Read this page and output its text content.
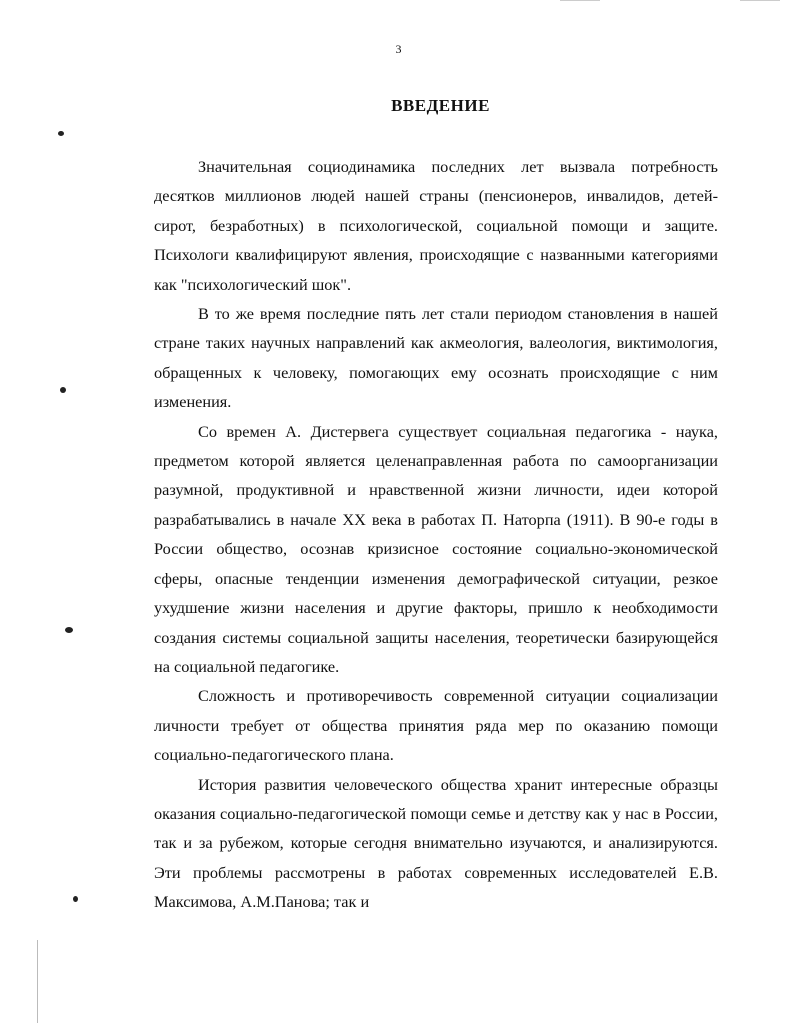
3
ВВЕДЕНИЕ

Значительная социодинамика последних лет вызвала потребность десятков миллионов людей нашей страны (пенсионеров, инвалидов, детей-сирот, безработных) в психологической, социальной помощи и защите. Психологи квалифицируют явления, происходящие с названными категориями как "психологический шок".

В то же время последние пять лет стали периодом становления в нашей стране таких научных направлений как акмеология, валеология, виктимология, обращенных к человеку, помогающих ему осознать происходящие с ним изменения.

Со времен А. Дистервега существует социальная педагогика - наука, предметом которой является целенаправленная работа по самоорганизации разумной, продуктивной и нравственной жизни личности, идеи которой разрабатывались в начале XX века в работах П. Наторпа (1911). В 90-е годы в России общество, осознав кризисное состояние социально-экономической сферы, опасные тенденции изменения демографической ситуации, резкое ухудшение жизни населения и другие факторы, пришло к необходимости создания системы социальной защиты населения, теоретически базирующейся на социальной педагогике.

Сложность и противоречивость современной ситуации социализации личности требует от общества принятия ряда мер по оказанию помощи социально-педагогического плана.

История развития человеческого общества хранит интересные образцы оказания социально-педагогической помощи семье и детству как у нас в России, так и за рубежом, которые сегодня внимательно изучаются, и анализируются. Эти проблемы рассмотрены в работах современных исследователей Е.В. Максимова, А.М.Панова; так и
